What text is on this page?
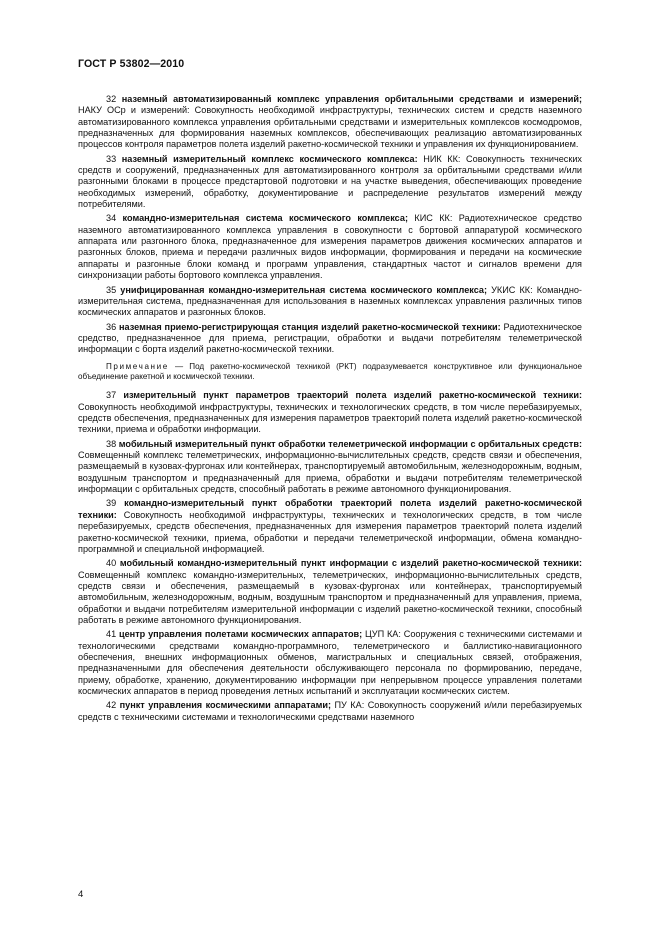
ГОСТ Р 53802—2010

32 наземный автоматизированный комплекс управления орбитальными средствами и измерений; НАКУ ОСр и измерений: Совокупность необходимой инфраструктуры, технических систем и средств наземного автоматизированного комплекса управления орбитальными средствами и измерительных комплексов космодромов, предназначенных для формирования наземных комплексов, обеспечивающих реализацию автоматизированных процессов контроля параметров полета изделий ракетно-космической техники и управления их функционированием.

33 наземный измерительный комплекс космического комплекса: НИК КК: Совокупность технических средств и сооружений, предназначенных для автоматизированного контроля за орбитальными средствами и/или разгонными блоками в процессе предстартовой подготовки и на участке выведения, обеспечивающих проведение необходимых измерений, обработку, документирование и распределение результатов измерений между потребителями.

34 командно-измерительная система космического комплекса; КИС КК: Радиотехническое средство наземного автоматизированного комплекса управления в совокупности с бортовой аппаратурой космического аппарата или разгонного блока, предназначенное для измерения параметров движения космических аппаратов и разгонных блоков, приема и передачи различных видов информации, формирования и передачи на космические аппараты и разгонные блоки команд и программ управления, стандартных частот и сигналов времени для синхронизации работы бортового комплекса управления.

35 унифицированная командно-измерительная система космического комплекса; УКИС КК: Командно-измерительная система, предназначенная для использования в наземных комплексах управления различных типов космических аппаратов и разгонных блоков.

36 наземная приемо-регистрирующая станция изделий ракетно-космической техники: Радиотехническое средство, предназначенное для приема, регистрации, обработки и выдачи потребителям телеметрической информации с борта изделий ракетно-космической техники.

Примечание — Под ракетно-космической техникой (РКТ) подразумевается конструктивное или функциональное объединение ракетной и космической техники.

37 измерительный пункт параметров траекторий полета изделий ракетно-космической техники: Совокупность необходимой инфраструктуры, технических и технологических средств, в том числе перебазируемых, средств обеспечения, предназначенных для измерения параметров траекторий полета изделий ракетно-космической техники, приема и обработки информации.

38 мобильный измерительный пункт обработки телеметрической информации с орбитальных средств: Совмещенный комплекс телеметрических, информационно-вычислительных средств, средств связи и обеспечения, размещаемый в кузовах-фургонах или контейнерах, транспортируемый автомобильным, железнодорожным, водным, воздушным транспортом и предназначенный для приема, обработки и выдачи потребителям телеметрической информации с орбитальных средств, способный работать в режиме автономного функционирования.

39 командно-измерительный пункт обработки траекторий полета изделий ракетно-космической техники: Совокупность необходимой инфраструктуры, технических и технологических средств, в том числе перебазируемых, средств обеспечения, предназначенных для измерения параметров траекторий полета изделий ракетно-космической техники, приема, обработки и передачи телеметрической информации, обмена командно-программной и специальной информацией.

40 мобильный командно-измерительный пункт информации с изделий ракетно-космической техники: Совмещенный комплекс командно-измерительных, телеметрических, информационно-вычислительных средств, средств связи и обеспечения, размещаемый в кузовах-фургонах или контейнерах, транспортируемый автомобильным, железнодорожным, водным, воздушным транспортом и предназначенный для управления, приема, обработки и выдачи потребителям измерительной информации с изделий ракетно-космической техники, способный работать в режиме автономного функционирования.

41 центр управления полетами космических аппаратов; ЦУП КА: Сооружения с техническими системами и технологическими средствами командно-программного, телеметрического и баллистико-навигационного обеспечения, внешних информационных обменов, магистральных и специальных связей, отображения, предназначенными для обеспечения деятельности обслуживающего персонала по формированию, передаче, приему, обработке, хранению, документированию информации при непрерывном процессе управления полетами космических аппаратов в период проведения летных испытаний и эксплуатации космических систем.

42 пункт управления космическими аппаратами; ПУ КА: Совокупность сооружений и/или перебазируемых средств с техническими системами и технологическими средствами наземного

4
